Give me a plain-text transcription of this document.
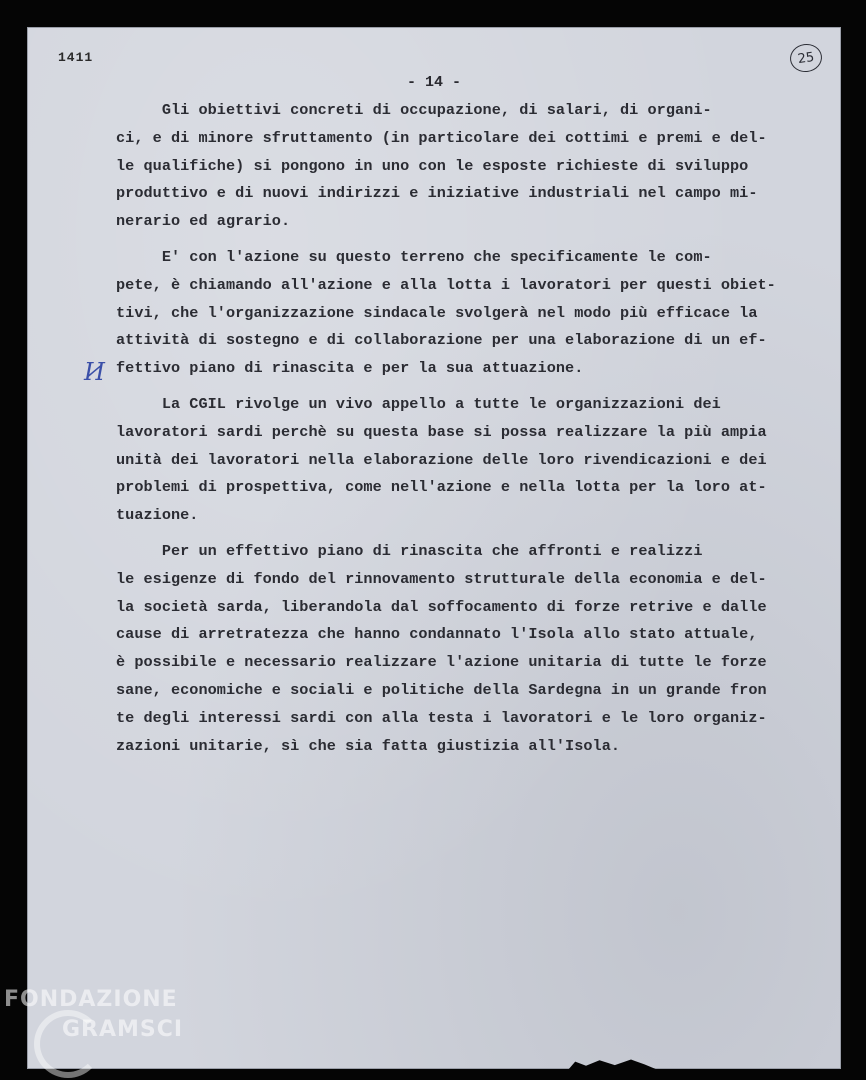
1411	25
- 14 -
И
Gli obiettivi concreti di occupazione, di salari, di organi-
ci, e di minore sfruttamento (in particolare dei cottimi e premi e del-
le qualifiche) si pongono in uno con le esposte richieste di sviluppo
produttivo e di nuovi indirizzi e iniziative industriali nel campo mi-
nerario ed agrario.
E' con l'azione su questo terreno che specificamente le com-
pete, è chiamando all'azione e alla lotta i lavoratori per questi obiet-
tivi, che l'organizzazione sindacale svolgerà nel modo più efficace la
attività di sostegno e di collaborazione per una elaborazione di un ef-
fettivo piano di rinascita e per la sua attuazione.
La CGIL rivolge un vivo appello a tutte le organizzazioni dei
lavoratori sardi perchè su questa base si possa realizzare la più ampia
unità dei lavoratori nella elaborazione delle loro rivendicazioni e dei
problemi di prospettiva, come nell'azione e nella lotta per la loro at-
tuazione.
Per un effettivo piano di rinascita che affronti e realizzi
le esigenze di fondo del rinnovamento strutturale della economia e del-
la società sarda, liberandola dal soffocamento di forze retrive e dalle
cause di arretratezza che hanno condannato l'Isola allo stato attuale,
è possibile e necessario realizzare l'azione unitaria di tutte le forze
sane, economiche e sociali e politiche della Sardegna in un grande fron
te degli interessi sardi con alla testa i lavoratori e le loro organiz-
zazioni unitarie, sì che sia fatta giustizia all'Isola.
FONDAZIONE
GRAMSCI
